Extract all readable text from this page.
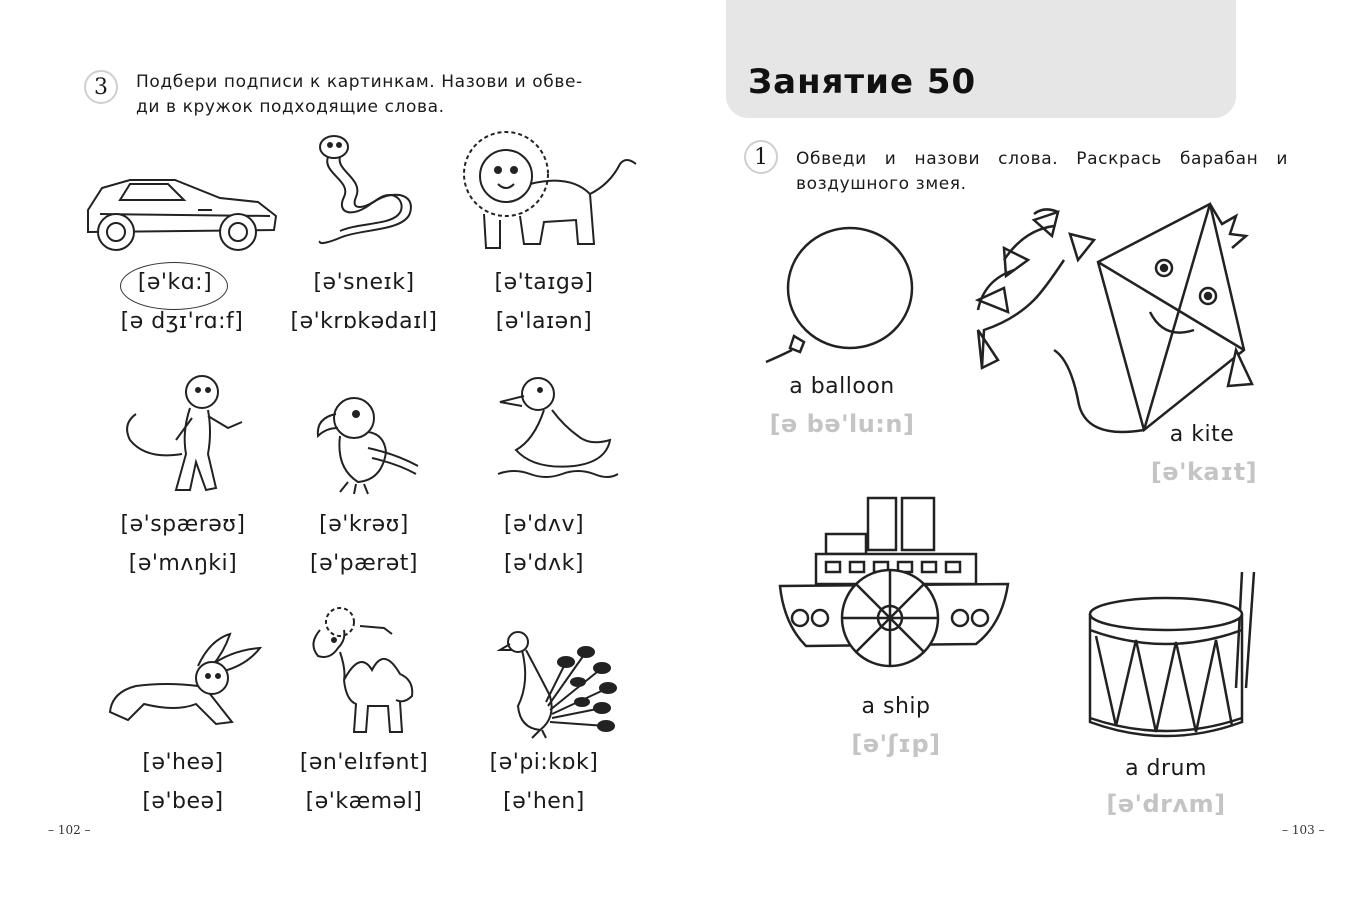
3	Подбери подписи к картинкам. Назови и обве-
ди в кружок подходящие слова.
[ə'kɑ:]
[ə dʒɪ'rɑ:f]
[ə'sneɪk]
[ə'krɒkədaɪl]
[ə'taɪgə]
[ə'laɪən]
[ə'spærəʊ]
[ə'mʌŋki]
[ə'krəʊ]
[ə'pærət]
[ə'dʌv]
[ə'dʌk]
[ə'heə]
[ə'beə]
[ən'elɪfənt]
[ə'kæməl]
[ə'pi:kɒk]
[ə'hen]
– 102 –
Занятие 50
1	Обведи и назови слова. Раскрась барабан и
воздушного змея.
a balloon
[ə bə'lu:n]	a kite
[ə'kaɪt]
a ship
[ə'ʃɪp]
a drum
[ə'drʌm]
– 103 –
